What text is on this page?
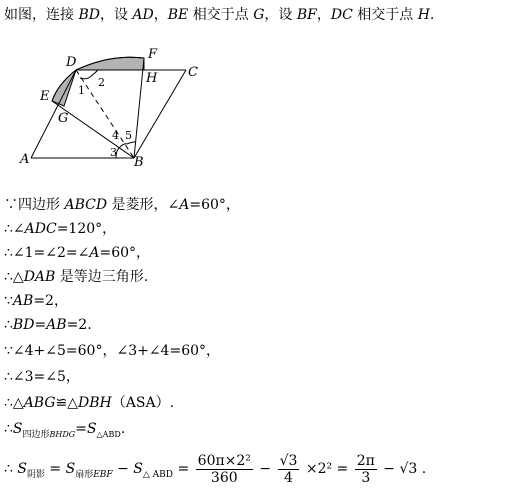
如图，连接 BD，设 AD，BE 相交于点 G，设 BF，DC 相交于点 H.
D
F
C
H
E
G
A	B
1
2
3
4 5
∵四边形 ABCD 是菱形，∠A=60°，
∴∠ADC=120°，
∴∠1=∠2=∠A=60°，
∴△DAB 是等边三角形.
∵AB=2，
∴BD=AB=2.
∵∠4+∠5=60°，∠3+∠4=60°，
∴∠3=∠5，
∴△ABG≌△DBH（ASA）.
$\therefore S_{四边形BHDG}=S_{\triangle ABD}$.
∴ $S_{阴影} = S_{扇形EBF} - S_{\triangle ABD} = \frac{\text{60π×2²}}{360} - \frac{√3}{4} \times 2^2 = \frac{2\pi}{3} - √3$ .
